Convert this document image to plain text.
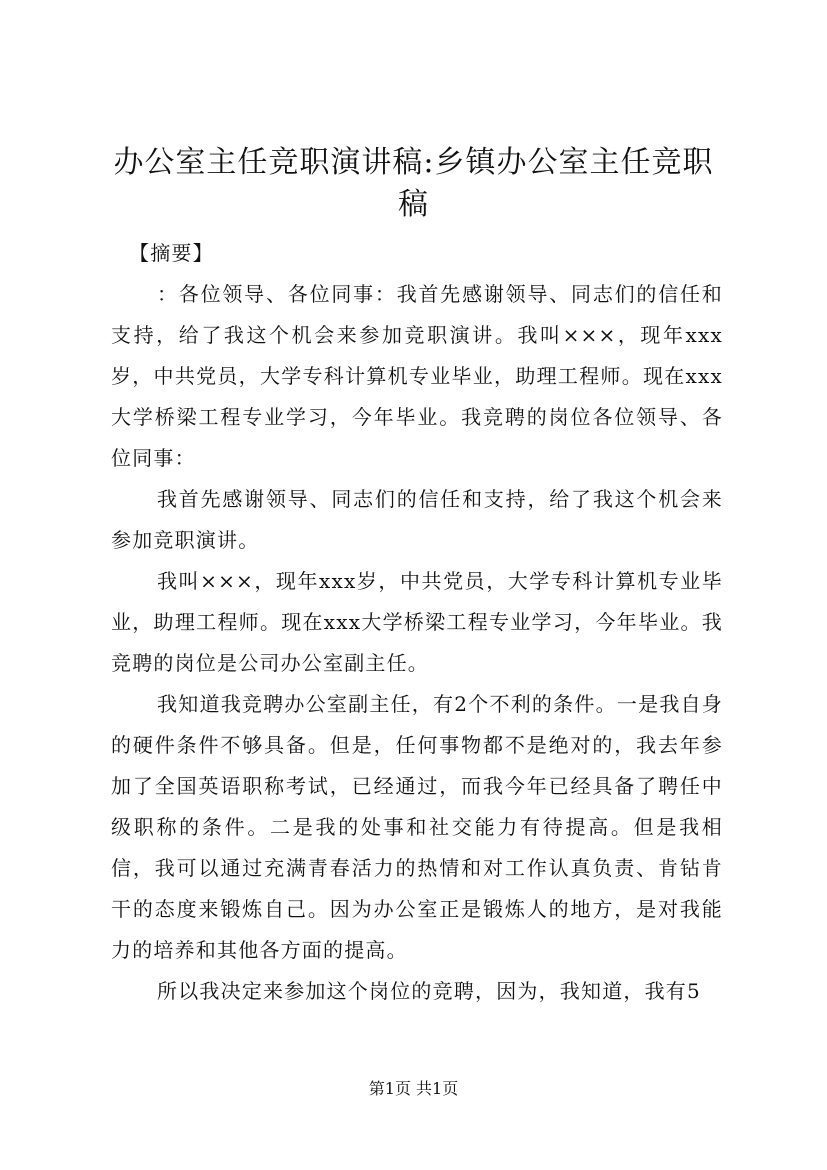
办公室主任竞职演讲稿:乡镇办公室主任竞职稿

【摘要】

：各位领导、各位同事：我首先感谢领导、同志们的信任和支持，给了我这个机会来参加竞职演讲。我叫×××，现年xxx岁，中共党员，大学专科计算机专业毕业，助理工程师。现在xxx大学桥梁工程专业学习，今年毕业。我竞聘的岗位各位领导、各位同事：

我首先感谢领导、同志们的信任和支持，给了我这个机会来参加竞职演讲。

我叫×××，现年xxx岁，中共党员，大学专科计算机专业毕业，助理工程师。现在xxx大学桥梁工程专业学习，今年毕业。我竞聘的岗位是公司办公室副主任。

我知道我竞聘办公室副主任，有2个不利的条件。一是我自身的硬件条件不够具备。但是，任何事物都不是绝对的，我去年参加了全国英语职称考试，已经通过，而我今年已经具备了聘任中级职称的条件。二是我的处事和社交能力有待提高。但是我相信，我可以通过充满青春活力的热情和对工作认真负责、肯钻肯干的态度来锻炼自己。因为办公室正是锻炼人的地方，是对我能力的培养和其他各方面的提高。

所以我决定来参加这个岗位的竞聘，因为，我知道，我有5

第1页 共1页
